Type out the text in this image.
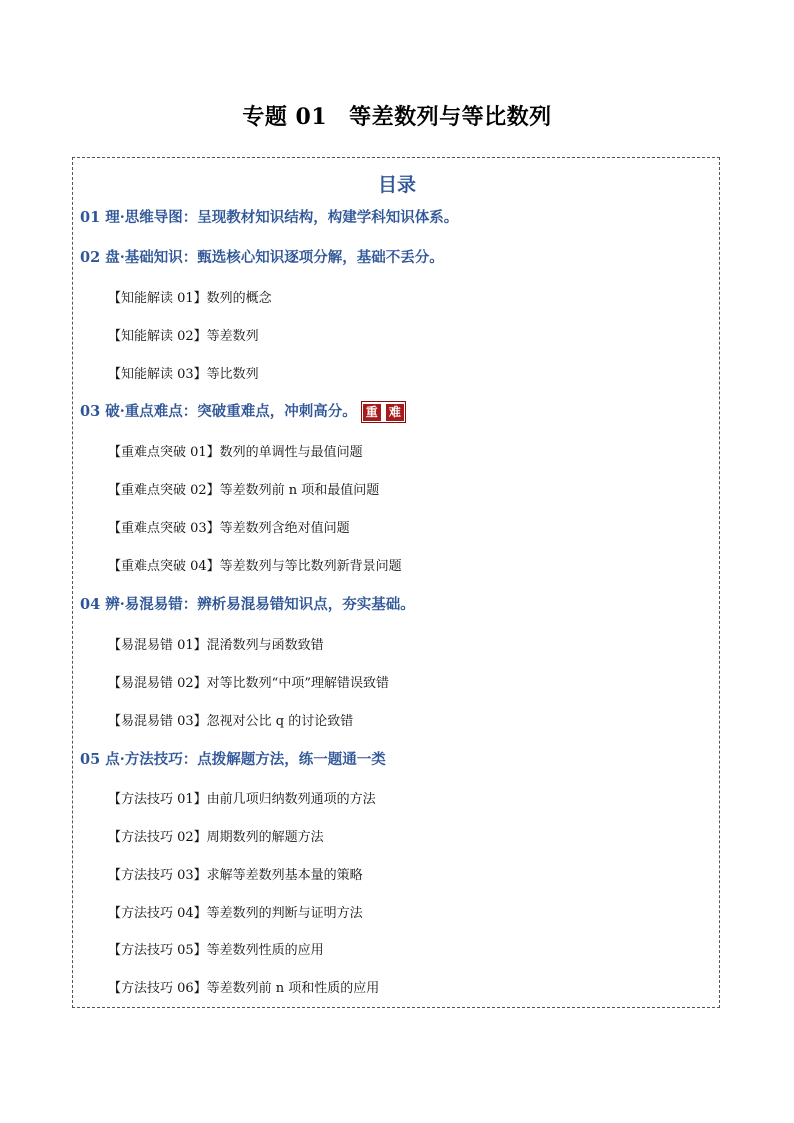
专题 01 等差数列与等比数列
目录
01 理·思维导图：呈现教材知识结构，构建学科知识体系。
02 盘·基础知识：甄选核心知识逐项分解，基础不丢分。
【知能解读 01】数列的概念
【知能解读 02】等差数列
【知能解读 03】等比数列
03 破·重点难点：突破重难点，冲刺高分。 重 难
【重难点突破 01】数列的单调性与最值问题
【重难点突破 02】等差数列前 n 项和最值问题
【重难点突破 03】等差数列含绝对值问题
【重难点突破 04】等差数列与等比数列新背景问题
04 辨·易混易错：辨析易混易错知识点，夯实基础。
【易混易错 01】混淆数列与函数致错
【易混易错 02】对等比数列“中项”理解错误致错
【易混易错 03】忽视对公比 q 的讨论致错
05 点·方法技巧：点拨解题方法，练一题通一类
【方法技巧 01】由前几项归纳数列通项的方法
【方法技巧 02】周期数列的解题方法
【方法技巧 03】求解等差数列基本量的策略
【方法技巧 04】等差数列的判断与证明方法
【方法技巧 05】等差数列性质的应用
【方法技巧 06】等差数列前 n 项和性质的应用
